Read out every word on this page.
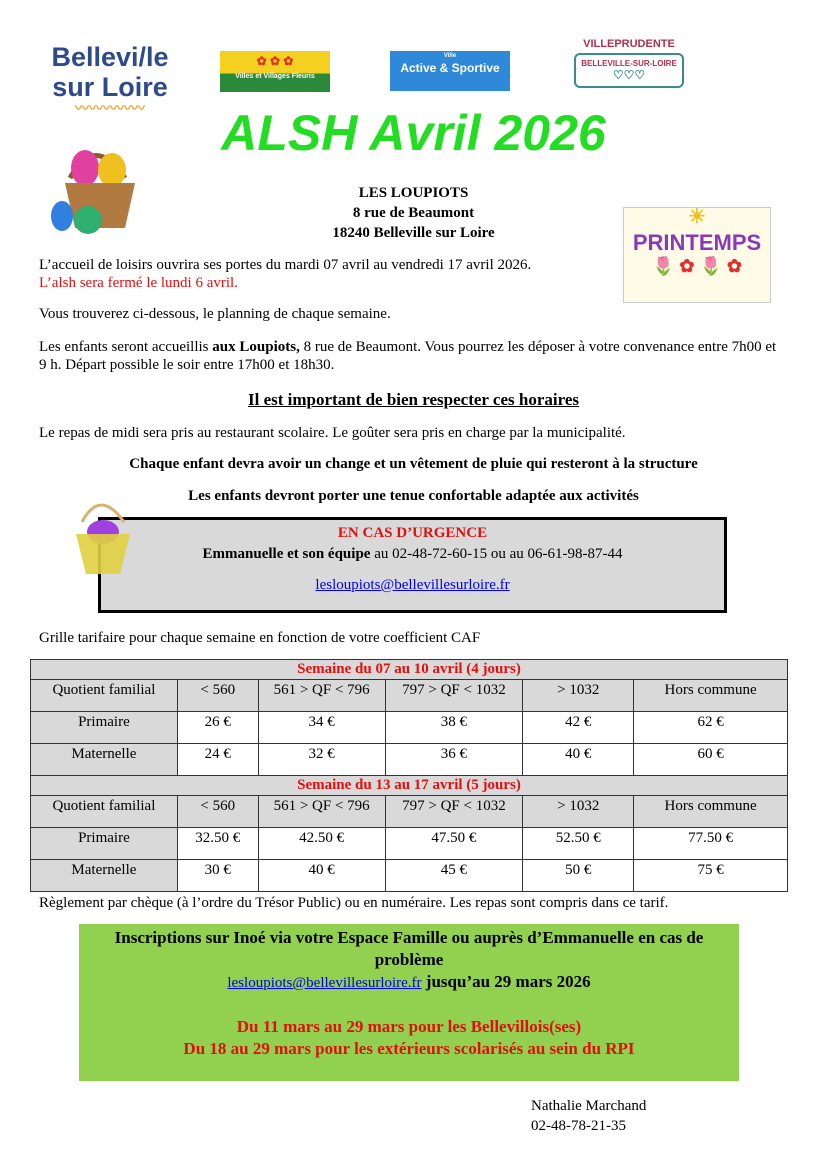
Bellevi/le
sur Loire
〰〰〰〰〰
✿ ✿ ✿
Villes et Villages Fleuris
Ville
Active & Sportive
VILLEPRUDENTE
BELLEVILLE-SUR-LOIRE
♡♡♡
ALSH Avril 2026
LES LOUPIOTS
8 rue de Beaumont
18240 Belleville sur Loire
☀
PRINTEMPS
🌷 ✿ 🌷 ✿
L’accueil de loisirs ouvrira ses portes du mardi 07 avril au vendredi 17 avril 2026.
L’alsh sera fermé le lundi 6 avril.
Vous trouverez ci-dessous, le planning de chaque semaine.
Les enfants seront accueillis aux Loupiots, 8 rue de Beaumont. Vous pourrez les déposer à votre convenance entre 7h00 et 9 h. Départ possible le soir entre 17h00 et 18h30.
Il est important de bien respecter ces horaires
Le repas de midi sera pris au restaurant scolaire. Le goûter sera pris en charge par la municipalité.
Chaque enfant devra avoir un change et un vêtement de pluie qui resteront à la structure
Les enfants devront porter une tenue confortable adaptée aux activités
EN CAS D’URGENCE
Emmanuelle et son équipe au 02-48-72-60-15 ou au 06-61-98-87-44
lesloupiots@bellevillesurloire.fr
Grille tarifaire pour chaque semaine en fonction de votre coefficient CAF
Semaine du 07 au 10 avril (4 jours)					
Quotient familial	< 560	561 > QF < 796	797 > QF < 1032	> 1032	Hors commune
Primaire	26 €	34 €	38 €	42 €	62 €
Maternelle	24 €	32 €	36 €	40 €	60 €
Semaine du 13 au 17 avril (5 jours)					
Quotient familial	< 560	561 > QF < 796	797 > QF < 1032	> 1032	Hors commune
Primaire	32.50 €	42.50 €	47.50 €	52.50 €	77.50 €
Maternelle	30 €	40 €	45 €	50 €	75 €
Règlement par chèque (à l’ordre du Trésor Public) ou en numéraire. Les repas sont compris dans ce tarif.
Inscriptions sur Inoé via votre Espace Famille ou auprès d’Emmanuelle en cas de problème
lesloupiots@bellevillesurloire.fr jusqu’au 29 mars 2026
Du 11 mars au 29 mars pour les Bellevillois(ses)
Du 18 au 29 mars pour les extérieurs scolarisés au sein du RPI
Nathalie Marchand
02-48-78-21-35
